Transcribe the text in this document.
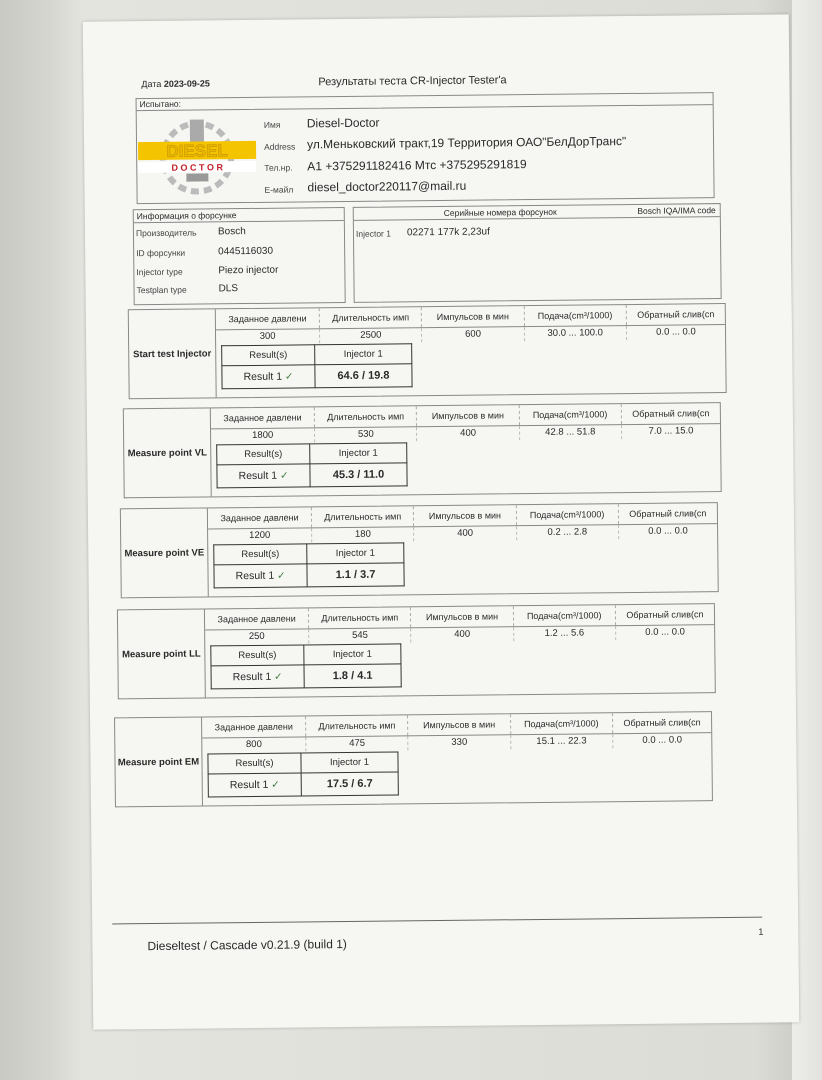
Дата 2023-09-25	Результаты теста CR-Injector Tester'a
Испытано:
DIESEL
D O C T O R
Имя Diesel-Doctor
Address ул.Меньковский тракт,19 Территория ОАО"БелДорТранс"
Тел.нр. A1 +375291182416 Мтс +375295291819
E-майл diesel_doctor220117@mail.ru
Информация о форсунке
Производитель Bosch
ID форсунки	0445116030
Injector type	Piezo injector
Testplan type	DLS
Серийные номера форсунок	Bosch IQA/IMA code
Injector 1 02271 177k 2,23uf
Start test Injector
Заданное давлени	Длительность имп	Импульсов в мин	Подача(cm³/1000)	Обратный слив(cn
300	2500	600	30.0 ... 100.0	0.0 ... 0.0
Result(s)	Injector 1
Result 1 ✓	64.6 / 19.8
Measure point VL
Заданное давлени	Длительность имп	Импульсов в мин	Подача(cm³/1000)	Обратный слив(cn
1800	530	400	42.8 ... 51.8	7.0 ... 15.0
Result(s)	Injector 1
Result 1 ✓	45.3 / 11.0
Measure point VE
Заданное давлени	Длительность имп	Импульсов в мин	Подача(cm³/1000)	Обратный слив(cn
1200	180	400	0.2 ... 2.8	0.0 ... 0.0
Result(s)	Injector 1
Result 1 ✓	1.1 / 3.7
Measure point LL
Заданное давлени	Длительность имп	Импульсов в мин	Подача(cm³/1000)	Обратный слив(cn
250	545	400	1.2 ... 5.6	0.0 ... 0.0
Result(s)	Injector 1
Result 1 ✓	1.8 / 4.1
Measure point EM
Заданное давлени	Длительность имп	Импульсов в мин	Подача(cm³/1000)	Обратный слив(cn
800	475	330	15.1 ... 22.3	0.0 ... 0.0
Result(s)	Injector 1
Result 1 ✓	17.5 / 6.7
Dieseltest / Cascade v0.21.9 (build 1)
1
